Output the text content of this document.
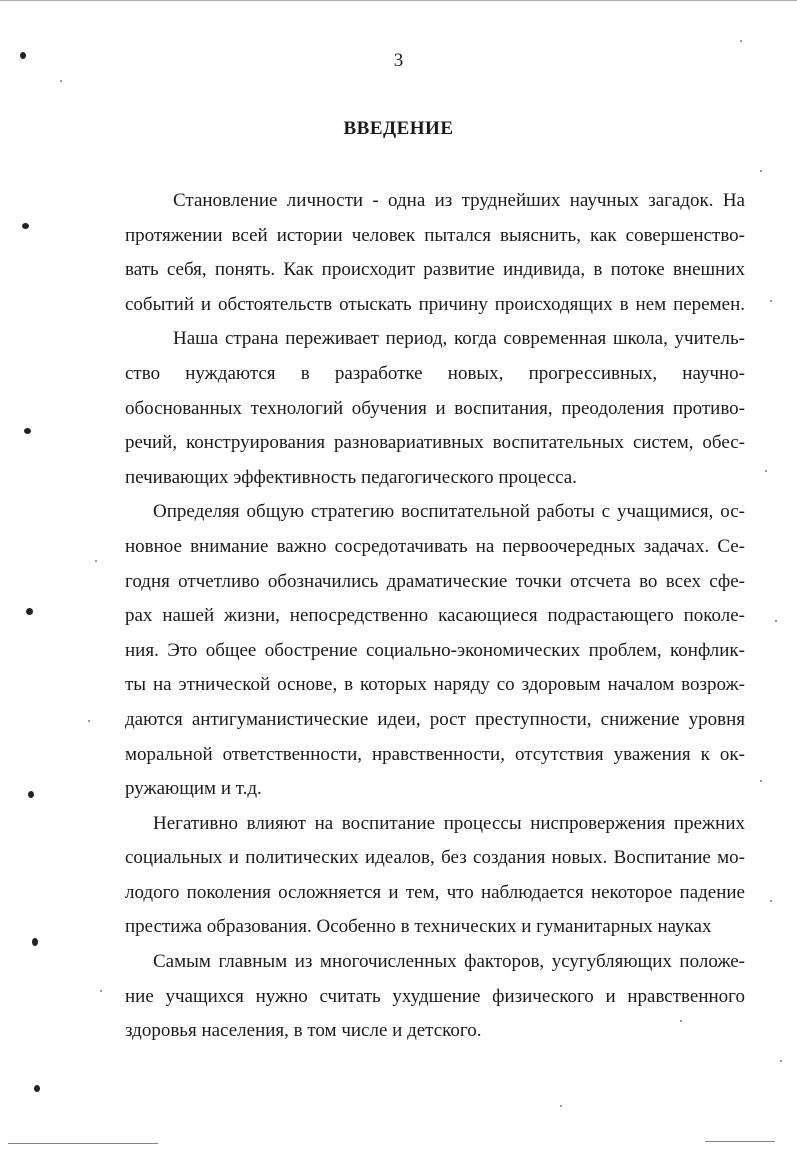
3
ВВЕДЕНИЕ
Становление личности - одна из труднейших научных загадок. На
протяжении всей истории человек пытался выяснить, как совершенство-
вать себя, понять. Как происходит развитие индивида, в потоке внешних
событий и обстоятельств отыскать причину происходящих в нем перемен.
Наша страна переживает период, когда современная школа, учитель-
ство нуждаются в разработке новых, прогрессивных, научно-
обоснованных технологий обучения и воспитания, преодоления противо-
речий, конструирования разновариативных воспитательных систем, обес-
печивающих эффективность педагогического процесса.
Определяя общую стратегию воспитательной работы с учащимися, ос-
новное внимание важно сосредотачивать на первоочередных задачах. Се-
годня отчетливо обозначились драматические точки отсчета во всех сфе-
рах нашей жизни, непосредственно касающиеся подрастающего поколе-
ния. Это общее обострение социально-экономических проблем, конфлик-
ты на этнической основе, в которых наряду со здоровым началом возрож-
даются антигуманистические идеи, рост преступности, снижение уровня
моральной ответственности, нравственности, отсутствия уважения к ок-
ружающим и т.д.
Негативно влияют на воспитание процессы ниспровержения прежних
социальных и политических идеалов, без создания новых. Воспитание мо-
лодого поколения осложняется и тем, что наблюдается некоторое падение
престижа образования. Особенно в технических и гуманитарных науках
Самым главным из многочисленных факторов, усугубляющих положе-
ние учащихся нужно считать ухудшение физического и нравственного
здоровья населения, в том числе и детского.
